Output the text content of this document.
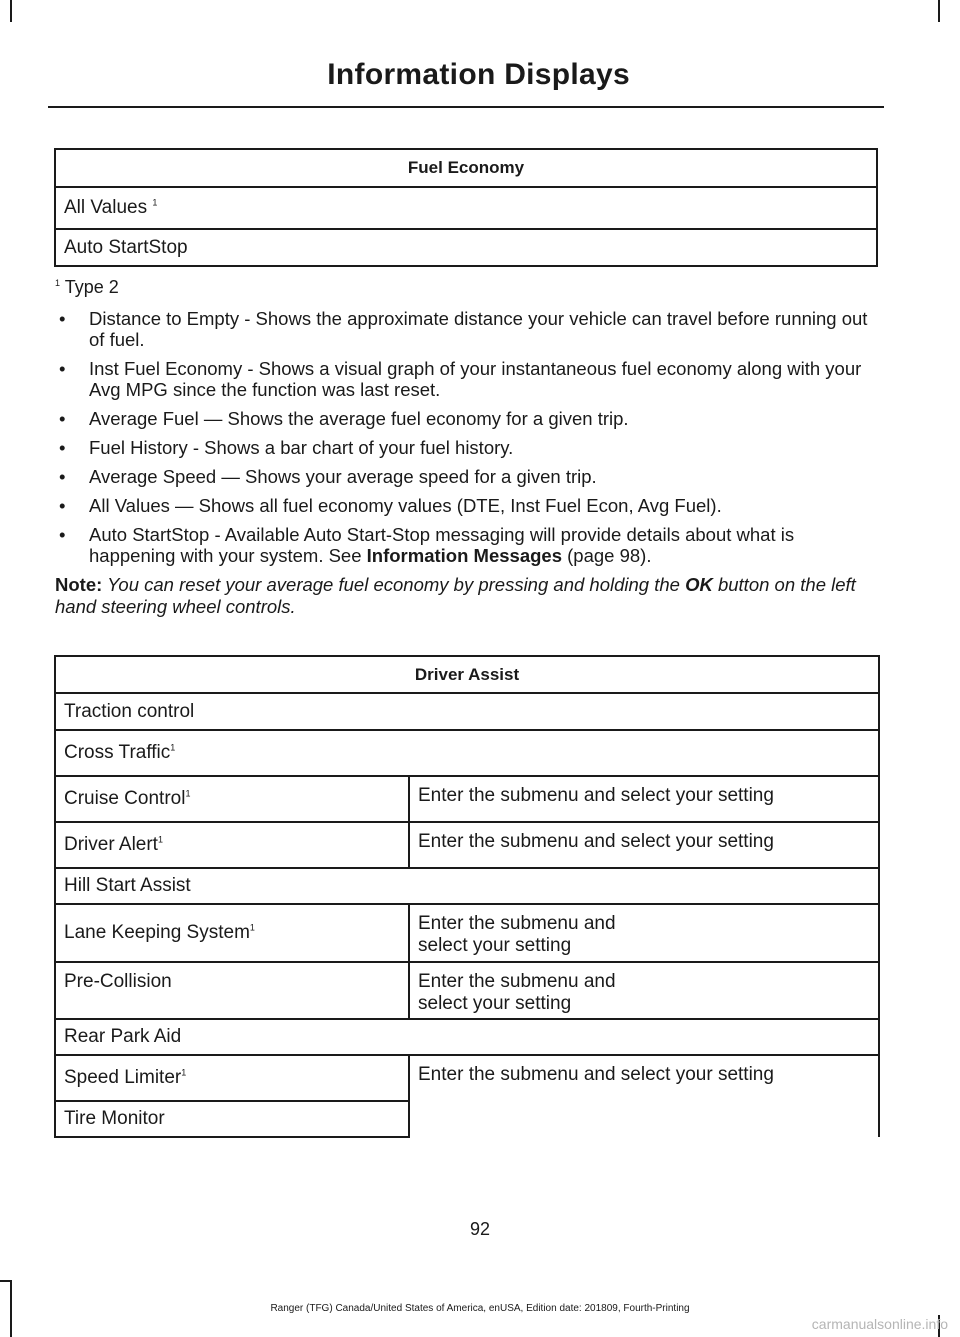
Information Displays
Fuel Economy
All Values $^1$
Auto StartStop
$^1$ Type 2
• Distance to Empty - Shows the approximate distance your vehicle can travel before running out of fuel.
• Inst Fuel Economy - Shows a visual graph of your instantaneous fuel economy along with your Avg MPG since the function was last reset.
• Average Fuel — Shows the average fuel economy for a given trip.
• Fuel History - Shows a bar chart of your fuel history.
• Average Speed — Shows your average speed for a given trip.
• All Values — Shows all fuel economy values (DTE, Inst Fuel Econ, Avg Fuel).
• Auto StartStop - Available Auto Start-Stop messaging will provide details about what is happening with your system. See Information Messages (page 98).
Note: You can reset your average fuel economy by pressing and holding the OK button on the left hand steering wheel controls.
Driver Assist	
Traction control	
Cross Traffic$^1$
Cruise Control$^1$	Enter the submenu and select your setting
Driver Alert$^1$	Enter the submenu and select your setting
Hill Start Assist	
Lane Keeping System$^1$	Enter the submenu and
select your setting

Pre-Collision	Enter the submenu and
select your setting

Rear Park Aid	
Speed Limiter$^1$	Enter the submenu and select your setting
Tire Monitor	
92
Ranger (TFG) Canada/United States of America, enUSA, Edition date: 201809, Fourth-Printing
carmanualsonline.info
